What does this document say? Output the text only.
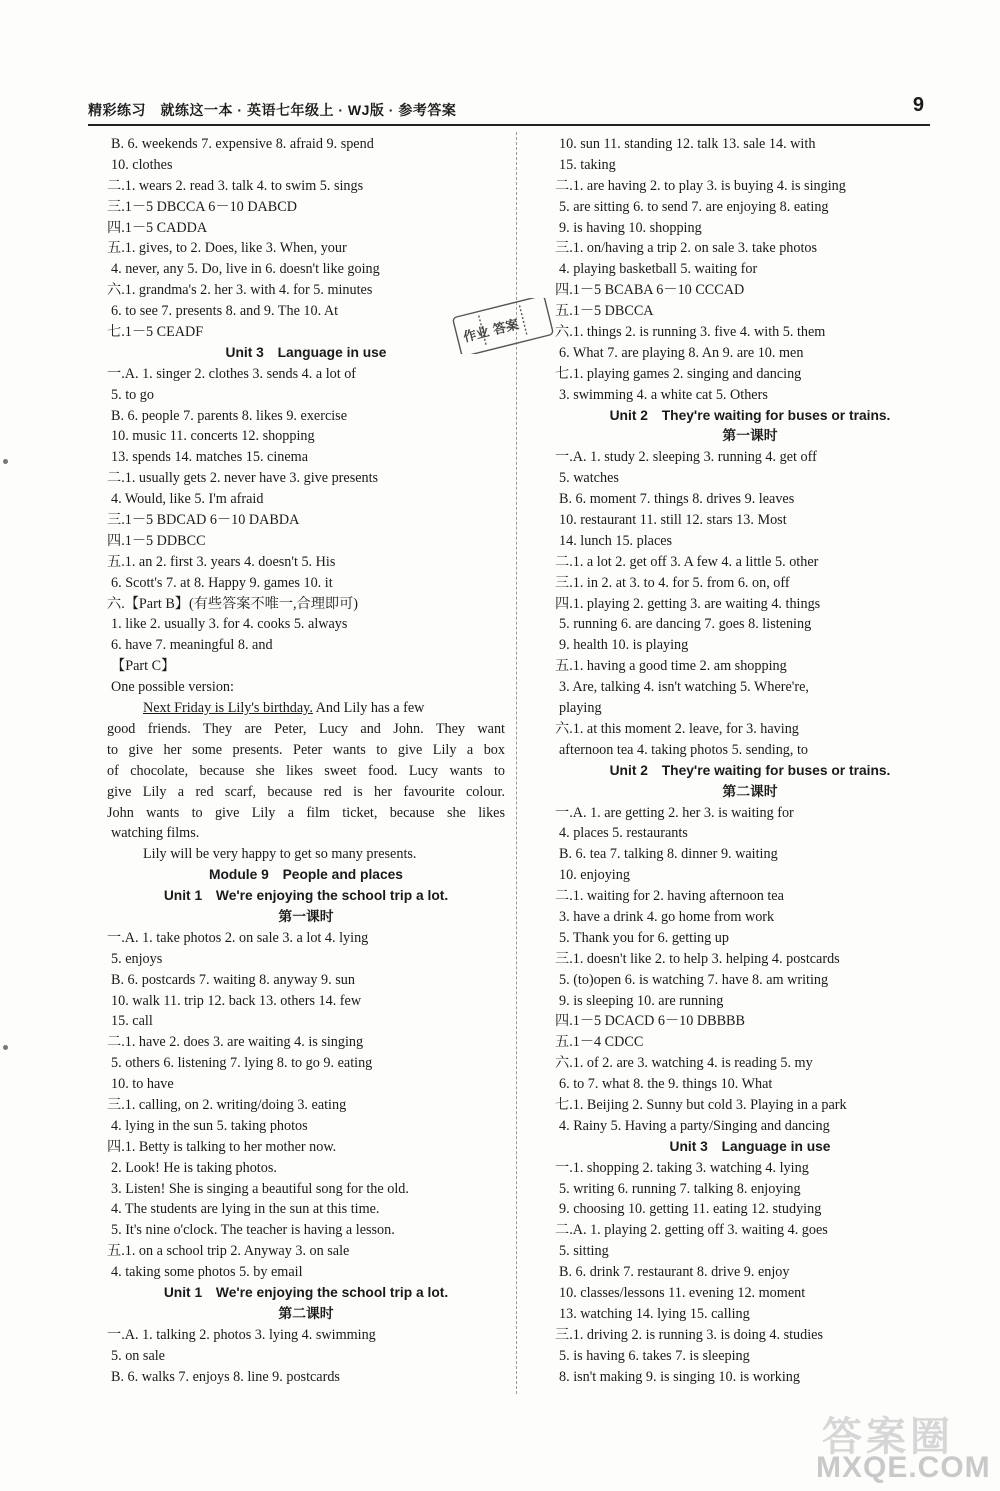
精彩练习　就练这一本 · 英语七年级上 · WJ版 · 参考答案	9
B. 6. weekends 7. expensive 8. afraid 9. spend
10. clothes
二.1. wears 2. read 3. talk 4. to swim 5. sings
三.1－5 DBCCA 6－10 DABCD
四.1－5 CADDA
五.1. gives, to 2. Does, like 3. When, your
4. never, any 5. Do, live in 6. doesn't like going
六.1. grandma's 2. her 3. with 4. for 5. minutes
6. to see 7. presents 8. and 9. The 10. At
七.1－5 CEADF
Unit 3　Language in use
一.A. 1. singer 2. clothes 3. sends 4. a lot of
5. to go
B. 6. people 7. parents 8. likes 9. exercise
10. music 11. concerts 12. shopping
13. spends 14. matches 15. cinema
二.1. usually gets 2. never have 3. give presents
4. Would, like 5. I'm afraid
三.1－5 BDCAD 6－10 DABDA
四.1－5 DDBCC
五.1. an 2. first 3. years 4. doesn't 5. His
6. Scott's 7. at 8. Happy 9. games 10. it
六.【Part B】(有些答案不唯一,合理即可)
1. like 2. usually 3. for 4. cooks 5. always
6. have 7. meaningful 8. and
【Part C】
One possible version:
Next Friday is Lily's birthday. And Lily has a few
good friends. They are Peter, Lucy and John. They want
to give her some presents. Peter wants to give Lily a box
of chocolate, because she likes sweet food. Lucy wants to
give Lily a red scarf, because red is her favourite colour.
John wants to give Lily a film ticket, because she likes
watching films.
Lily will be very happy to get so many presents.
Module 9　People and places
Unit 1　We're enjoying the school trip a lot.
第一课时
一.A. 1. take photos 2. on sale 3. a lot 4. lying
5. enjoys
B. 6. postcards 7. waiting 8. anyway 9. sun
10. walk 11. trip 12. back 13. others 14. few
15. call
二.1. have 2. does 3. are waiting 4. is singing
5. others 6. listening 7. lying 8. to go 9. eating
10. to have
三.1. calling, on 2. writing/doing 3. eating
4. lying in the sun 5. taking photos
四.1. Betty is talking to her mother now.
2. Look! He is taking photos.
3. Listen! She is singing a beautiful song for the old.
4. The students are lying in the sun at this time.
5. It's nine o'clock. The teacher is having a lesson.
五.1. on a school trip 2. Anyway 3. on sale
4. taking some photos 5. by email
Unit 1　We're enjoying the school trip a lot.
第二课时
一.A. 1. talking 2. photos 3. lying 4. swimming
5. on sale
B. 6. walks 7. enjoys 8. line 9. postcards
10. sun 11. standing 12. talk 13. sale 14. with
15. taking
二.1. are having 2. to play 3. is buying 4. is singing
5. are sitting 6. to send 7. are enjoying 8. eating
9. is having 10. shopping
三.1. on/having a trip 2. on sale 3. take photos
4. playing basketball 5. waiting for
四.1－5 BCABA 6－10 CCCAD
五.1－5 DBCCA
六.1. things 2. is running 3. five 4. with 5. them
6. What 7. are playing 8. An 9. are 10. men
七.1. playing games 2. singing and dancing
3. swimming 4. a white cat 5. Others
Unit 2　They're waiting for buses or trains.
第一课时
一.A. 1. study 2. sleeping 3. running 4. get off
5. watches
B. 6. moment 7. things 8. drives 9. leaves
10. restaurant 11. still 12. stars 13. Most
14. lunch 15. places
二.1. a lot 2. get off 3. A few 4. a little 5. other
三.1. in 2. at 3. to 4. for 5. from 6. on, off
四.1. playing 2. getting 3. are waiting 4. things
5. running 6. are dancing 7. goes 8. listening
9. health 10. is playing
五.1. having a good time 2. am shopping
3. Are, talking 4. isn't watching 5. Where're,
playing
六.1. at this moment 2. leave, for 3. having
afternoon tea 4. taking photos 5. sending, to
Unit 2　They're waiting for buses or trains.
第二课时
一.A. 1. are getting 2. her 3. is waiting for
4. places 5. restaurants
B. 6. tea 7. talking 8. dinner 9. waiting
10. enjoying
二.1. waiting for 2. having afternoon tea
3. have a drink 4. go home from work
5. Thank you for 6. getting up
三.1. doesn't like 2. to help 3. helping 4. postcards
5. (to)open 6. is watching 7. have 8. am writing
9. is sleeping 10. are running
四.1－5 DCACD 6－10 DBBBB
五.1－4 CDCC
六.1. of 2. are 3. watching 4. is reading 5. my
6. to 7. what 8. the 9. things 10. What
七.1. Beijing 2. Sunny but cold 3. Playing in a park
4. Rainy 5. Having a party/Singing and dancing
Unit 3　Language in use
一.1. shopping 2. taking 3. watching 4. lying
5. writing 6. running 7. talking 8. enjoying
9. choosing 10. getting 11. eating 12. studying
二.A. 1. playing 2. getting off 3. waiting 4. goes
5. sitting
B. 6. drink 7. restaurant 8. drive 9. enjoy
10. classes/lessons 11. evening 12. moment
13. watching 14. lying 15. calling
三.1. driving 2. is running 3. is doing 4. studies
5. is having 6. takes 7. is sleeping
8. isn't making 9. is singing 10. is working
作业 答案
答案圈
MXQE.COM
